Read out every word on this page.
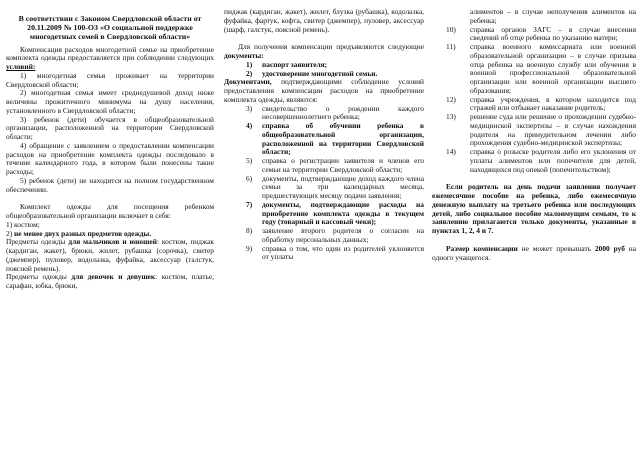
В соответствии с Законом Свердловской области от 20.11.2009 № 100-ОЗ «О социальной поддержке многодетных семей в Свердловской области»

Компенсация расходов многодетной семье на приобретение комплекта одежды предоставляется при соблюдении следующих условий:

1) многодетная семья проживает на территории Свердловской области;

2) многодетная семья имеет среднедушевой доход ниже величины прожиточного минимума на душу населения, установленного в Свердловской области;

3) ребенок (дети) обучается в общеобразовательной организации, расположенной на территории Свердловской области;

4) обращение с заявлением о предоставлении компенсации расходов на приобретение комплекта одежды последовало в течение календарного года, в котором были понесены такие расходы;

5) ребенок (дети) не находится на полном государственном обеспечении.

Комплект одежды для посещения ребенком общеобразовательной организации включает в себя:

1) костюм;

2) не менее двух разных предметов одежды.

Предметы одежды для мальчиков и юношей: костюм, пиджак (кардиган, жакет), брюки, жилет, рубашка (сорочка), свитер (джемпер), пуловер, водолазка, фуфайка, аксессуар (галстук, поясной ремень).

Предметы одежды для девочек и девушек: костюм, платье, сарафан, юбка, брюки,

пиджак (кардиган, жакет), жилет, блузка (рубашка), водолазка, фуфайка, фартук, кофта, свитер (джемпер), пуловер, аксессуар (шарф, галстук, поясной ремень).

Для получения компенсации предъявляются следующие документы:

1) паспорт заявителя;
2) удостоверение многодетной семьи.

Документами, подтверждающими соблюдение условий предоставления компенсации расходов на приобретение комплекта одежды, являются:

3) свидетельство о рождении каждого несовершеннолетнего ребенка;
4) справка об обучении ребенка в общеобразовательной организации, расположенной на территории Свердловской области;
5) справка о регистрации заявителя и членов его семьи на территории Свердловской области;
6) документы, подтверждающие доход каждого члена семьи за три календарных месяца, предшествующих месяцу подачи заявления;
7) документы, подтверждающие расходы на приобретение комплекта одежды в текущем году (товарный и кассовый чеки);
8) заявление второго родителя о согласии на обработку персональных данных;
9) справка о том, что один из родителей уклоняется от уплаты

алиментов – в случае неполучения алиментов на ребенка;

10) справка органов ЗАГС – в случае внесения сведений об отце ребенка по указанию матери;
11) справка военного комиссариата или военной образовательной организации – в случае призыва отца ребенка на военную службу или обучения в военной профессиональной образовательной организации или военной организации высшего образования;
12) справка учреждения, в котором находится под стражей или отбывает наказание родитель;
13) решение суда или решение о прохождении судебно-медицинской экспертизы – в случае нахождения родителя на принудительном лечении либо прохождения судебно-медицинской экспертизы;
14) справка о розыске родителя либо его уклонения от уплаты алиментов или попечителя для детей, находящихся под опекой (попечительством);

Если родитель на день подачи заявления получает ежемесячное пособие на ребенка, либо ежемесячную денежную выплату на третьего ребенка или последующих детей, либо социальное пособие малоимущим семьям, то к заявлению прилагаются только документы, указанные в пунктах 1, 2, 4 и 7.

Размер компенсации не может превышать 2000 руб на одного учащегося.
